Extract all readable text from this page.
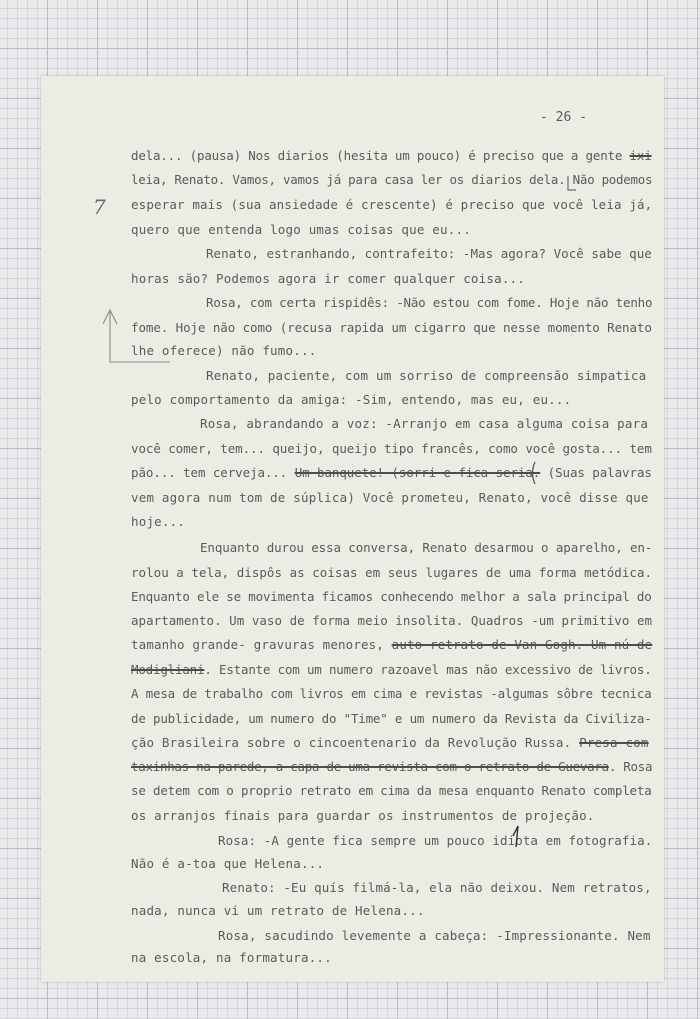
- 26 -
7
dela... (pausa) Nos diarios (hesita um pouco) é preciso que a gente ixi
leia, Renato. Vamos, vamos já para casa ler os diarios dela. Não podemos
esperar mais (sua ansiedade é crescente) é preciso que você leia já,
quero que entenda logo umas coisas que eu...
Renato, estranhando, contrafeito: -Mas agora? Você sabe que
horas são? Podemos agora ir comer qualquer coisa...
Rosa, com certa rispidês: -Não estou com fome. Hoje não tenho
fome. Hoje não como (recusa rapida um cigarro que nesse momento Renato
lhe oferece) não fumo...
Renato, paciente, com um sorriso de compreensão simpatica
pelo comportamento da amiga: -Sim, entendo, mas eu, eu...
Rosa, abrandando a voz: -Arranjo em casa alguma coisa para
você comer, tem... queijo, queijo tipo francês, como você gosta... tem
pão... tem cerveja... Um banquete! (sorri e fica seria. (Suas palavras
vem agora num tom de súplica) Você prometeu, Renato, você disse que
hoje...
Enquanto durou essa conversa, Renato desarmou o aparelho, en-
rolou a tela, dispôs as coisas em seus lugares de uma forma metódica.
Enquanto ele se movimenta ficamos conhecendo melhor a sala principal do
apartamento. Um vaso de forma meio insolita. Quadros -um primitivo em
tamanho grande- gravuras menores, auto-retrato de Van Gogh. Um nú de
Modigliani. Estante com um numero razoavel mas não excessivo de livros.
A mesa de trabalho com livros em cima e revistas -algumas sôbre tecnica
de publicidade, um numero do "Time" e um numero da Revista da Civiliza-
ção Brasileira sobre o cincoentenario da Revolução Russa. Presa com
taxinhas na parede, a capa de uma revista com o retrato de Guevara. Rosa
se detem com o proprio retrato em cima da mesa enquanto Renato completa
os arranjos finais para guardar os instrumentos de projeção.
Rosa: -A gente fica sempre um pouco idiota em fotografia.
Não é a-toa que Helena...
Renato: -Eu quís filmá-la, ela não deixou. Nem retratos,
nada, nunca vi um retrato de Helena...
Rosa, sacudindo levemente a cabeça: -Impressionante. Nem
na escola, na formatura...
